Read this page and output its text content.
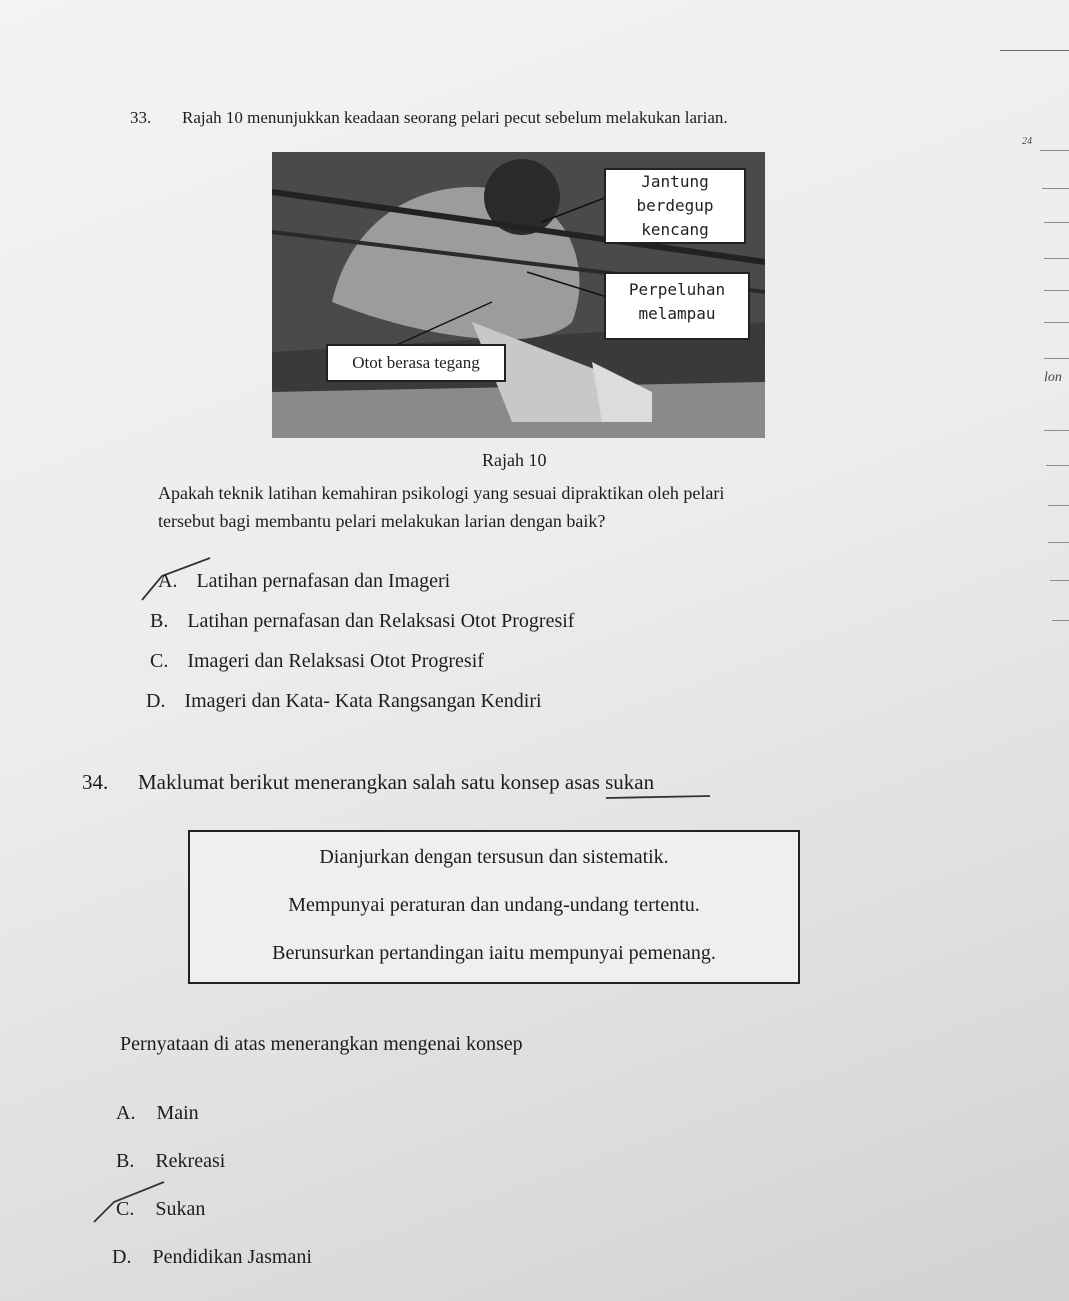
33. Rajah 10 menunjukkan keadaan seorang pelari pecut sebelum melakukan larian.
Jantung
berdegup
kencang
Perpeluhan
melampau
Otot berasa tegang
Rajah 10
Apakah teknik latihan kemahiran psikologi yang sesuai dipraktikan oleh pelari
tersebut bagi membantu pelari melakukan larian dengan baik?
A. Latihan pernafasan dan Imageri
B. Latihan pernafasan dan Relaksasi Otot Progresif
C. Imageri dan Relaksasi Otot Progresif
D. Imageri dan Kata- Kata Rangsangan Kendiri
34. Maklumat berikut menerangkan salah satu konsep asas sukan
Dianjurkan dengan tersusun dan sistematik.
Mempunyai peraturan dan undang-undang tertentu.
Berunsurkan pertandingan iaitu mempunyai pemenang.
Pernyataan di atas menerangkan mengenai konsep
A. Main
B. Rekreasi
C. Sukan
D. Pendidikan Jasmani
24
lon
